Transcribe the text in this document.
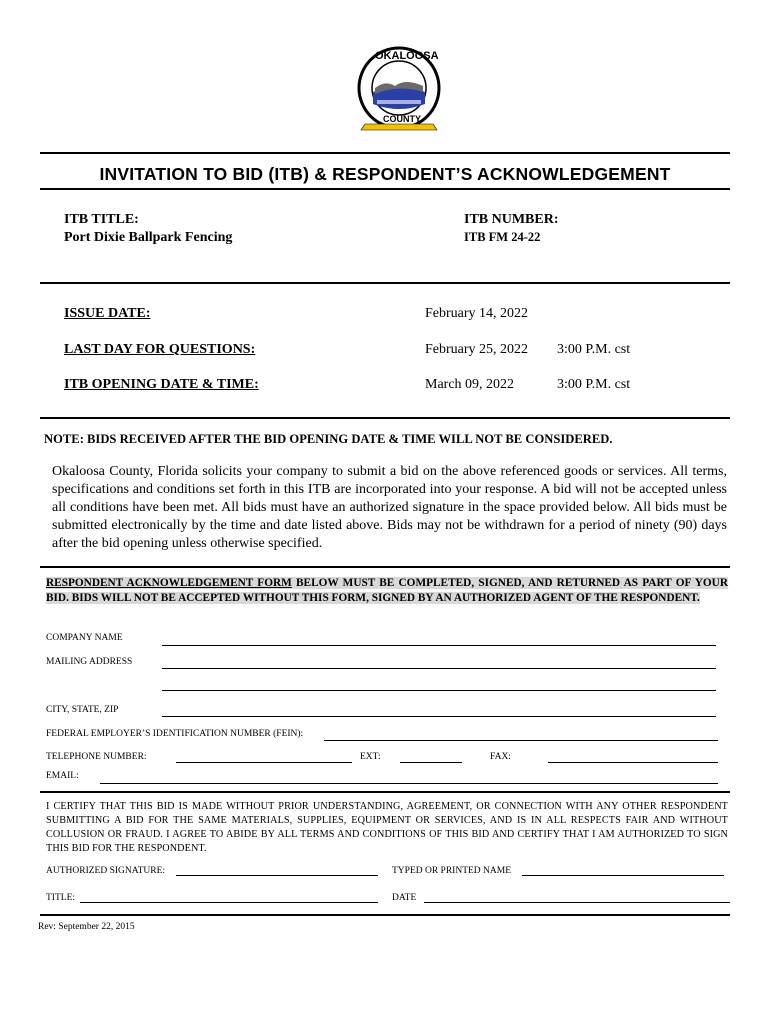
OKALOOSA
COUNTY
INVITATION TO BID (ITB) & RESPONDENT’S ACKNOWLEDGEMENT
ITB TITLE:
Port Dixie Ballpark Fencing
ITB NUMBER:
ITB FM 24-22
ISSUE DATE:	February 14, 2022
LAST DAY FOR QUESTIONS:	February 25, 2022 3:00 P.M. cst
ITB OPENING DATE & TIME:	March 09, 2022	3:00 P.M. cst
NOTE: BIDS RECEIVED AFTER THE BID OPENING DATE & TIME WILL NOT BE CONSIDERED.
Okaloosa County, Florida solicits your company to submit a bid on the above referenced goods or services. All terms, specifications and conditions set forth in this ITB are incorporated into your response. A bid will not be accepted unless all conditions have been met. All bids must have an authorized signature in the space provided below. All bids must be submitted electronically by the time and date listed above. Bids may not be withdrawn for a period of ninety (90) days after the bid opening unless otherwise specified.
RESPONDENT ACKNOWLEDGEMENT FORM BELOW MUST BE COMPLETED, SIGNED, AND RETURNED AS PART OF YOUR BID. BIDS WILL NOT BE ACCEPTED WITHOUT THIS FORM, SIGNED BY AN AUTHORIZED AGENT OF THE RESPONDENT.
COMPANY NAME
MAILING ADDRESS
CITY, STATE, ZIP
FEDERAL EMPLOYER’S IDENTIFICATION NUMBER (FEIN):
TELEPHONE NUMBER:	EXT:	FAX:
EMAIL:
I CERTIFY THAT THIS BID IS MADE WITHOUT PRIOR UNDERSTANDING, AGREEMENT, OR CONNECTION WITH ANY OTHER RESPONDENT SUBMITTING A BID FOR THE SAME MATERIALS, SUPPLIES, EQUIPMENT OR SERVICES, AND IS IN ALL RESPECTS FAIR AND WITHOUT COLLUSION OR FRAUD. I AGREE TO ABIDE BY ALL TERMS AND CONDITIONS OF THIS BID AND CERTIFY THAT I AM AUTHORIZED TO SIGN THIS BID FOR THE RESPONDENT.
AUTHORIZED SIGNATURE:	TYPED OR PRINTED NAME
TITLE:	DATE
Rev: September 22, 2015
